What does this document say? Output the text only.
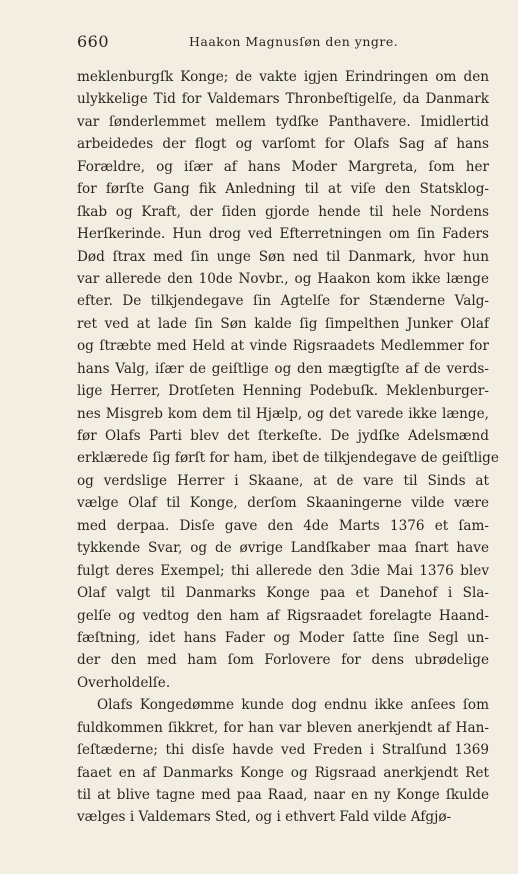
660	Haakon Magnusſøn den yngre.
meklenburgſk Konge; de vakte igjen Erindringen om den
ulykkelige Tid for Valdemars Thronbeſtigelſe, da Danmark
var ſønderlemmet mellem tydſke Panthavere. Imidlertid
arbeidedes der flogt og varſomt for Olafs Sag af hans
Forældre, og iſær af hans Moder Margreta, ſom her
for førſte Gang fik Anledning til at viſe den Statsklog-
ſkab og Kraft, der ſiden gjorde hende til hele Nordens
Herſkerinde. Hun drog ved Efterretningen om ſin Faders
Død ſtrax med ſin unge Søn ned til Danmark, hvor hun
var allerede den 10de Novbr., og Haakon kom ikke længe
efter. De tilkjendegave ſin Agtelſe for Stænderne Valg-
ret ved at lade ſin Søn kalde ſig ſimpelthen Junker Olaf
og ſtræbte med Held at vinde Rigsraadets Medlemmer for
hans Valg, iſær de geiſtlige og den mægtigſte af de verds-
lige Herrer, Drotſeten Henning Podebuſk. Meklenburger-
nes Misgreb kom dem til Hjælp, og det varede ikke længe,
før Olafs Parti blev det ſterkeſte. De jydſke Adelsmænd
erklærede ſig førſt for ham, ibet de tilkjendegave de geiſtlige
og verdslige Herrer i Skaane, at de vare til Sinds at
vælge Olaf til Konge, derſom Skaaningerne vilde være
med derpaa. Disſe gave den 4de Marts 1376 et ſam-
tykkende Svar, og de øvrige Landſkaber maa ſnart have
fulgt deres Exempel; thi allerede den 3die Mai 1376 blev
Olaf valgt til Danmarks Konge paa et Danehof i Sla-
gelſe og vedtog den ham af Rigsraadet forelagte Haand-
fæſtning, idet hans Fader og Moder ſatte ſine Segl un-
der den med ham ſom Forlovere for dens ubrødelige
Overholdelſe.
Olafs Kongedømme kunde dog endnu ikke anſees ſom
fuldkommen ſikkret, for han var bleven anerkjendt af Han-
ſeſtæderne; thi disſe havde ved Freden i Stralſund 1369
faaet en af Danmarks Konge og Rigsraad anerkjendt Ret
til at blive tagne med paa Raad, naar en ny Konge ſkulde
vælges i Valdemars Sted, og i ethvert Fald vilde Afgjø-
